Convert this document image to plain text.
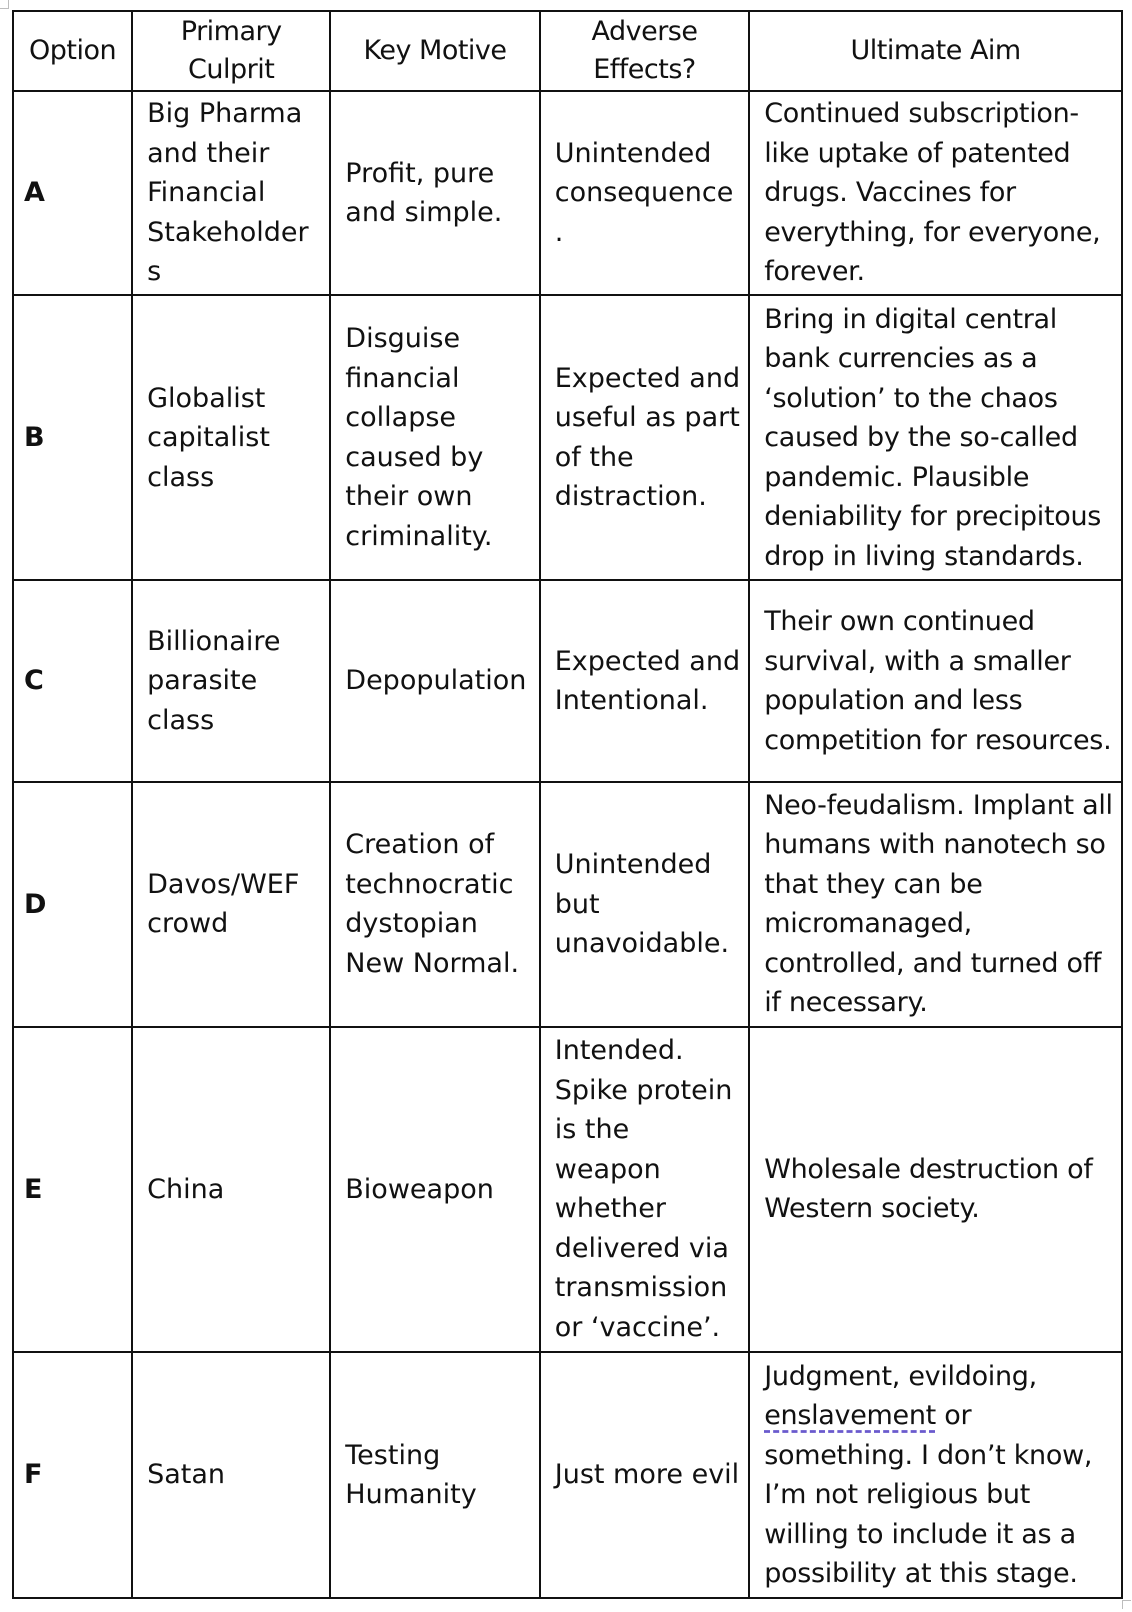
Option	Primary Culprit	Key Motive	Adverse Effects?	Ultimate Aim
A	Big Pharma and their Financial Stakeholders	Profit, pure and simple.	Unintended consequence.	Continued subscription-like uptake of patented drugs. Vaccines for everything, for everyone, forever.
B	Globalist capitalist class	Disguise financial collapse caused by their own criminality.	Expected and useful as part of the distraction.	Bring in digital central bank currencies as a ‘solution’ to the chaos caused by the so-called pandemic. Plausible deniability for precipitous drop in living standards.
C	Billionaire parasite class	Depopulation	Expected and Intentional.	Their own continued survival, with a smaller population and less competition for resources.
D	Davos/WEF crowd	Creation of technocratic dystopian New Normal.	Unintended but unavoidable.	Neo-feudalism. Implant all humans with nanotech so that they can be micromanaged, controlled, and turned off if necessary.
E	China	Bioweapon	Intended. Spike protein is the weapon whether delivered via transmission or ‘vaccine’.	Wholesale destruction of Western society.
F	Satan	Testing Humanity	Just more evil	Judgment, evildoing, enslavement or something. I don’t know, I’m not religious but willing to include it as a possibility at this stage.
